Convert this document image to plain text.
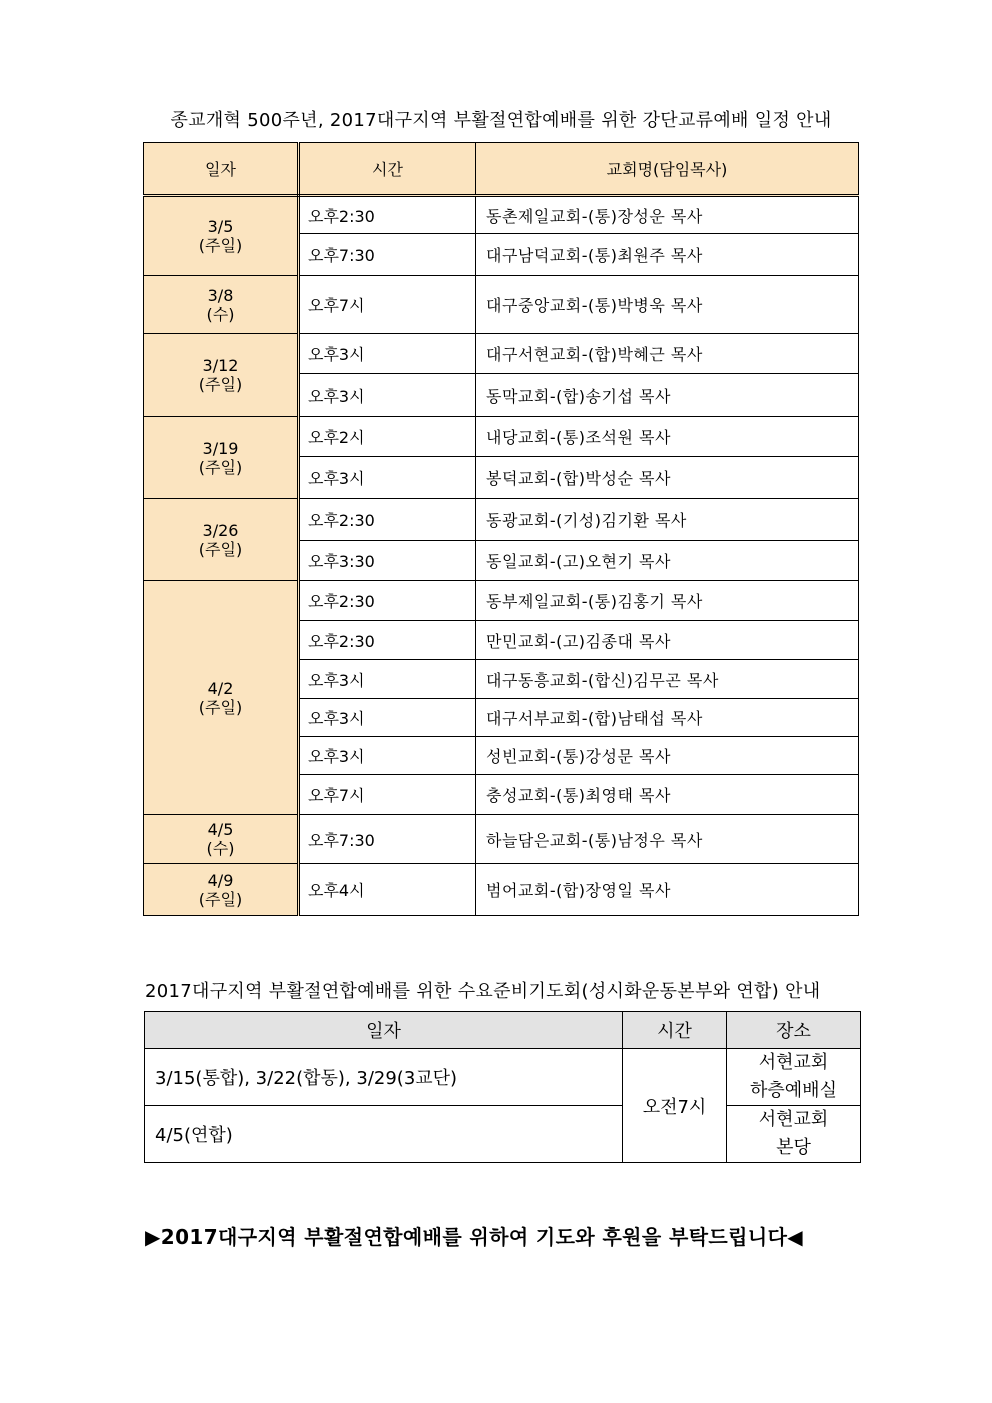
종교개혁 500주년, 2017대구지역 부활절연합예배를 위한 강단교류예배 일정 안내
일자	시간	교회명(담임목사)

3/5
(주일)	오후2:30	동촌제일교회-(통)장성운 목사
	오후7:30	대구남덕교회-(통)최원주 목사

3/8
(수)	오후7시	대구중앙교회-(통)박병욱 목사

3/12
(주일)	오후3시	대구서현교회-(합)박혜근 목사
	오후3시	동막교회-(합)송기섭 목사

3/19
(주일)	오후2시	내당교회-(통)조석원 목사
	오후3시	봉덕교회-(합)박성순 목사

3/26
(주일)	오후2:30	동광교회-(기성)김기환 목사
	오후3:30	동일교회-(고)오현기 목사

4/2
(주일)	오후2:30	동부제일교회-(통)김홍기 목사
	오후2:30	만민교회-(고)김종대 목사
	오후3시	대구동흥교회-(합신)김무곤 목사
	오후3시	대구서부교회-(합)남태섭 목사
	오후3시	성빈교회-(통)강성문 목사
	오후7시	충성교회-(통)최영태 목사

4/5
(수)	오후7:30	하늘담은교회-(통)남정우 목사

4/9
(주일)	오후4시	범어교회-(합)장영일 목사
2017대구지역 부활절연합예배를 위한 수요준비기도회(성시화운동본부와 연합) 안내
일자	시간	장소
3/15(통합), 3/22(합동), 3/29(3교단)	오전7시	서현교회
하층예배실

4/5(연합)		서현교회
본당
▶2017대구지역 부활절연합예배를 위하여 기도와 후원을 부탁드립니다◀
